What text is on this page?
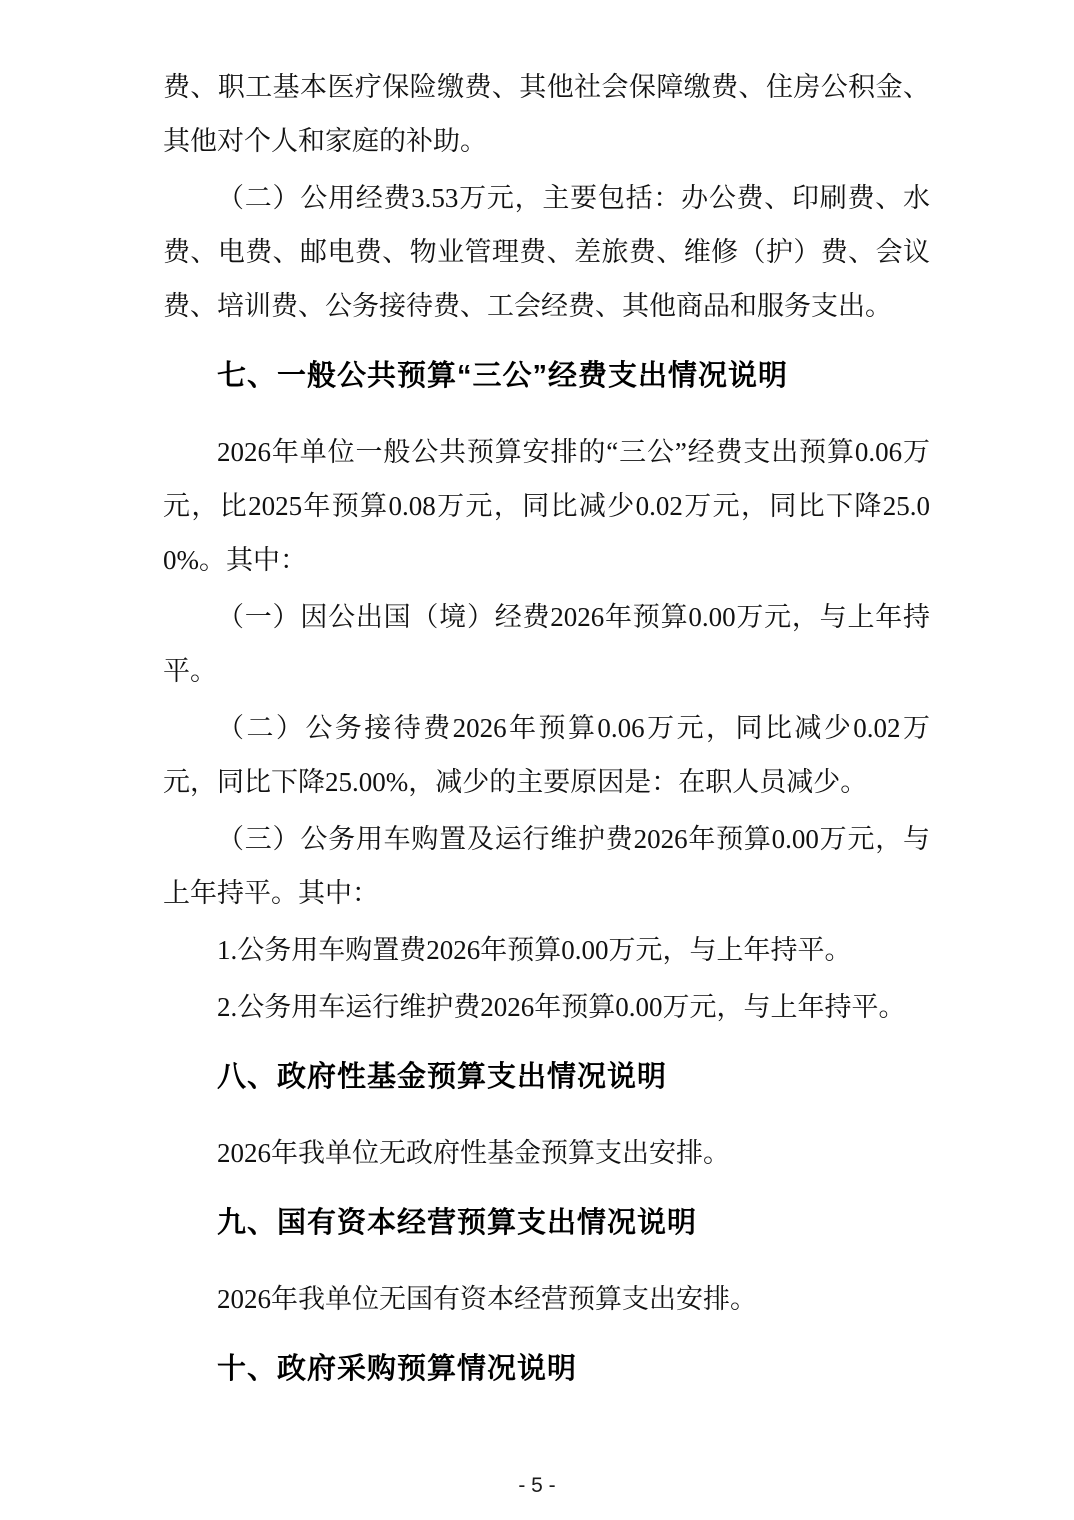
费、职工基本医疗保险缴费、其他社会保障缴费、住房公积金、其他对个人和家庭的补助。

（二）公用经费3.53万元，主要包括：办公费、印刷费、水费、电费、邮电费、物业管理费、差旅费、维修（护）费、会议费、培训费、公务接待费、工会经费、其他商品和服务支出。

七、一般公共预算“三公”经费支出情况说明

2026年单位一般公共预算安排的“三公”经费支出预算0.06万元，比2025年预算0.08万元，同比减少0.02万元，同比下降25.00%。其中：

（一）因公出国（境）经费2026年预算0.00万元，与上年持平。

（二）公务接待费2026年预算0.06万元，同比减少0.02万元，同比下降25.00%，减少的主要原因是：在职人员减少。

（三）公务用车购置及运行维护费2026年预算0.00万元，与上年持平。其中：

1.公务用车购置费2026年预算0.00万元，与上年持平。

2.公务用车运行维护费2026年预算0.00万元，与上年持平。

八、政府性基金预算支出情况说明

2026年我单位无政府性基金预算支出安排。

九、国有资本经营预算支出情况说明

2026年我单位无国有资本经营预算支出安排。

十、政府采购预算情况说明
- 5 -
